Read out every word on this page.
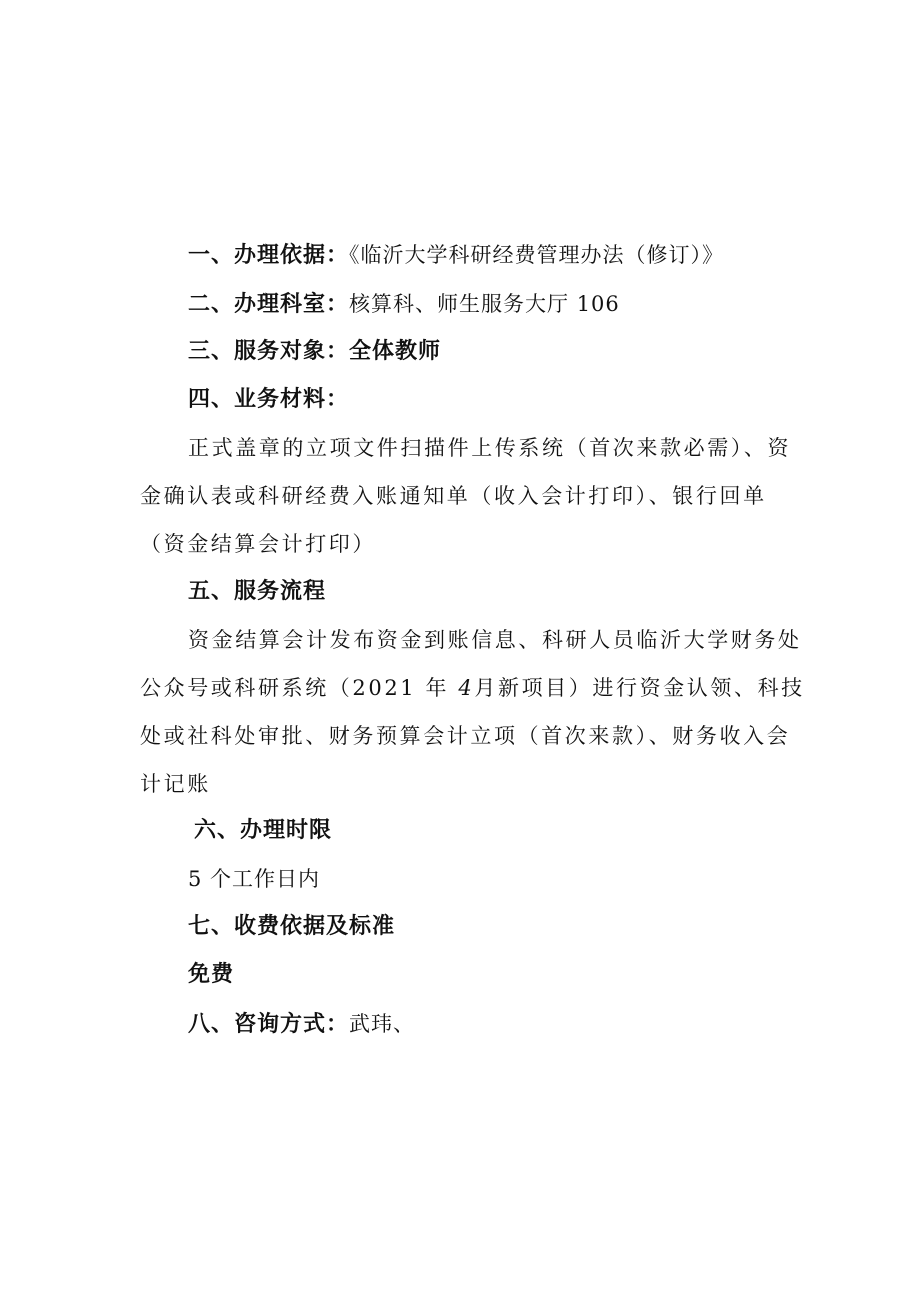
一、办理依据：《临沂大学科研经费管理办法（修订）》
二、办理科室：核算科、师生服务大厅 106
三、服务对象：全体教师
四、业务材料：
正式盖章的立项文件扫描件上传系统（首次来款必需）、资
金确认表或科研经费入账通知单（收入会计打印）、银行回单
（资金结算会计打印）
五、服务流程
资金结算会计发布资金到账信息、科研人员临沂大学财务处
公众号或科研系统（2021 年 4月新项目）进行资金认领、科技
处或社科处审批、财务预算会计立项（首次来款）、财务收入会
计记账
六、办理时限
5 个工作日内
七、收费依据及标准
免费
八、咨询方式：武玮、
